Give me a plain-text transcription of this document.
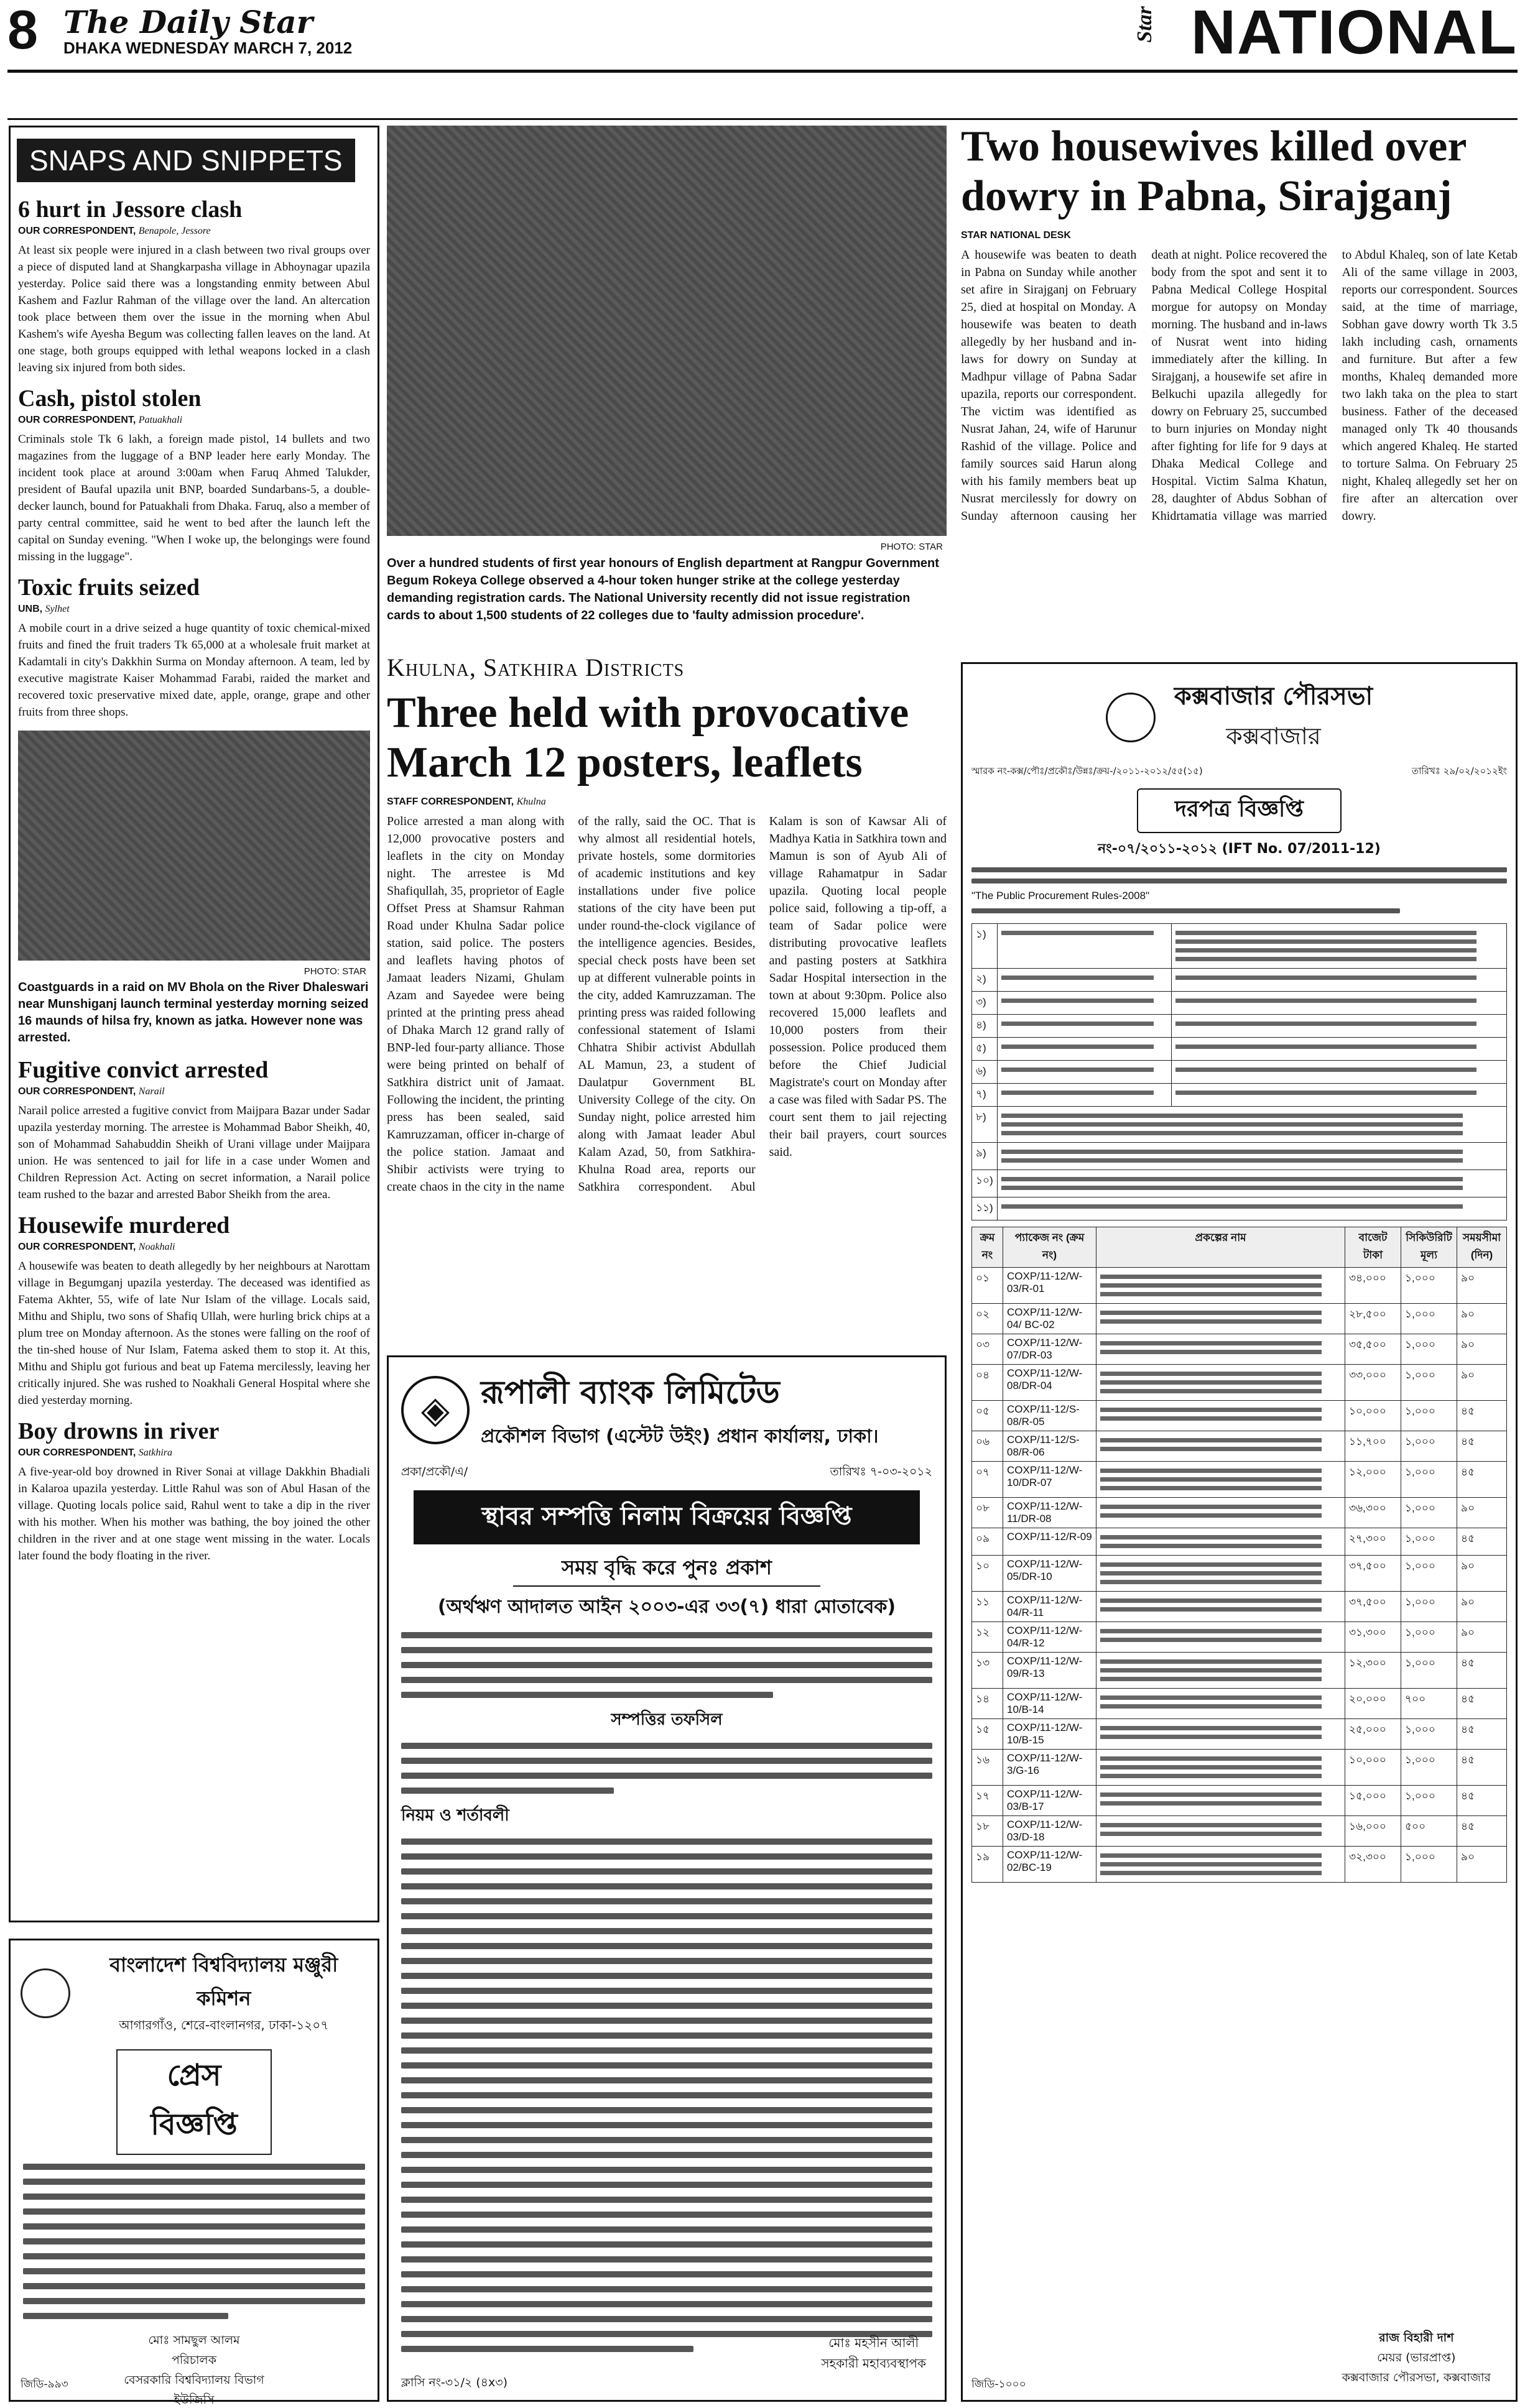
8 The Daily Star
DHAKA WEDNESDAY MARCH 7, 2012
Star NATIONAL
SNAPS AND SNIPPETS
6 hurt in Jessore clash
OUR CORRESPONDENT, Benapole, Jessore
At least six people were injured in a clash between two rival groups over a piece of disputed land at Shangkarpasha village in Abhoynagar upazila yesterday. Police said there was a longstanding enmity between Abul Kashem and Fazlur Rahman of the village over the land. An altercation took place between them over the issue in the morning when Abul Kashem's wife Ayesha Begum was collecting fallen leaves on the land. At one stage, both groups equipped with lethal weapons locked in a clash leaving six injured from both sides.
Cash, pistol stolen
OUR CORRESPONDENT, Patuakhali
Criminals stole Tk 6 lakh, a foreign made pistol, 14 bullets and two magazines from the luggage of a BNP leader here early Monday. The incident took place at around 3:00am when Faruq Ahmed Talukder, president of Baufal upazila unit BNP, boarded Sundarbans-5, a double-decker launch, bound for Patuakhali from Dhaka. Faruq, also a member of party central committee, said he went to bed after the launch left the capital on Sunday evening. "When I woke up, the belongings were found missing in the luggage".
Toxic fruits seized
UNB, Sylhet
A mobile court in a drive seized a huge quantity of toxic chemical-mixed fruits and fined the fruit traders Tk 65,000 at a wholesale fruit market at Kadamtali in city's Dakkhin Surma on Monday afternoon. A team, led by executive magistrate Kaiser Mohammad Farabi, raided the market and recovered toxic preservative mixed date, apple, orange, grape and other fruits from three shops.
PHOTO: STAR
Coastguards in a raid on MV Bhola on the River Dhaleswari near Munshiganj launch terminal yesterday morning seized 16 maunds of hilsa fry, known as jatka. However none was arrested.
Fugitive convict arrested
OUR CORRESPONDENT, Narail
Narail police arrested a fugitive convict from Maijpara Bazar under Sadar upazila yesterday morning. The arrestee is Mohammad Babor Sheikh, 40, son of Mohammad Sahabuddin Sheikh of Urani village under Maijpara union. He was sentenced to jail for life in a case under Women and Children Repression Act. Acting on secret information, a Narail police team rushed to the bazar and arrested Babor Sheikh from the area.
Housewife murdered
OUR CORRESPONDENT, Noakhali
A housewife was beaten to death allegedly by her neighbours at Narottam village in Begumganj upazila yesterday. The deceased was identified as Fatema Akhter, 55, wife of late Nur Islam of the village. Locals said, Mithu and Shiplu, two sons of Shafiq Ullah, were hurling brick chips at a plum tree on Monday afternoon. As the stones were falling on the roof of the tin-shed house of Nur Islam, Fatema asked them to stop it. At this, Mithu and Shiplu got furious and beat up Fatema mercilessly, leaving her critically injured. She was rushed to Noakhali General Hospital where she died yesterday morning.
Boy drowns in river
OUR CORRESPONDENT, Satkhira
A five-year-old boy drowned in River Sonai at village Dakkhin Bhadiali in Kalaroa upazila yesterday. Little Rahul was son of Abul Hasan of the village. Quoting locals police said, Rahul went to take a dip in the river with his mother. When his mother was bathing, the boy joined the other children in the river and at one stage went missing in the water. Locals later found the body floating in the river.
বাংলাদেশ বিশ্ববিদ্যালয় মঞ্জুরী কমিশন
আগারগাঁও, শেরে-বাংলানগর, ঢাকা-১২০৭
প্রেস বিজ্ঞপ্তি
মোঃ সামছুল আলম
পরিচালক
বেসরকারি বিশ্ববিদ্যালয় বিভাগ
ইউজিসি
জিডি-৯৯৩
PHOTO: STAR
Over a hundred students of first year honours of English department at Rangpur Government Begum Rokeya College observed a 4-hour token hunger strike at the college yesterday demanding registration cards. The National University recently did not issue registration cards to about 1,500 students of 22 colleges due to 'faulty admission procedure'.
Two housewives killed over dowry in Pabna, Sirajganj
STAR NATIONAL DESK
A housewife was beaten to death in Pabna on Sunday while another set afire in Sirajganj on February 25, died at hospital on Monday. A housewife was beaten to death allegedly by her husband and in-laws for dowry on Sunday at Madhpur village of Pabna Sadar upazila, reports our correspondent. The victim was identified as Nusrat Jahan, 24, wife of Harunur Rashid of the village. Police and family sources said Harun along with his family members beat up Nusrat mercilessly for dowry on Sunday afternoon causing her death at night. Police recovered the body from the spot and sent it to Pabna Medical College Hospital morgue for autopsy on Monday morning. The husband and in-laws of Nusrat went into hiding immediately after the killing. In Sirajganj, a housewife set afire in Belkuchi upazila allegedly for dowry on February 25, succumbed to burn injuries on Monday night after fighting for life for 9 days at Dhaka Medical College and Hospital. Victim Salma Khatun, 28, daughter of Abdus Sobhan of Khidrtamatia village was married to Abdul Khaleq, son of late Ketab Ali of the same village in 2003, reports our correspondent. Sources said, at the time of marriage, Sobhan gave dowry worth Tk 3.5 lakh including cash, ornaments and furniture. But after a few months, Khaleq demanded more two lakh taka on the plea to start business. Father of the deceased managed only Tk 40 thousands which angered Khaleq. He started to torture Salma. On February 25 night, Khaleq allegedly set her on fire after an altercation over dowry.
Khulna, Satkhira Districts
Three held with provocative March 12 posters, leaflets
STAFF CORRESPONDENT, Khulna
Police arrested a man along with 12,000 provocative posters and leaflets in the city on Monday night. The arrestee is Md Shafiqullah, 35, proprietor of Eagle Offset Press at Shamsur Rahman Road under Khulna Sadar police station, said police. The posters and leaflets having photos of Jamaat leaders Nizami, Ghulam Azam and Sayedee were being printed at the printing press ahead of Dhaka March 12 grand rally of BNP-led four-party alliance. Those were being printed on behalf of Satkhira district unit of Jamaat. Following the incident, the printing press has been sealed, said Kamruzzaman, officer in-charge of the police station. Jamaat and Shibir activists were trying to create chaos in the city in the name of the rally, said the OC. That is why almost all residential hotels, private hostels, some dormitories of academic institutions and key installations under five police stations of the city have been put under round-the-clock vigilance of the intelligence agencies. Besides, special check posts have been set up at different vulnerable points in the city, added Kamruzzaman. The printing press was raided following confessional statement of Islami Chhatra Shibir activist Abdullah AL Mamun, 23, a student of Daulatpur Government BL University College of the city. On Sunday night, police arrested him along with Jamaat leader Abul Kalam Azad, 50, from Satkhira-Khulna Road area, reports our Satkhira correspondent. Abul Kalam is son of Kawsar Ali of Madhya Katia in Satkhira town and Mamun is son of Ayub Ali of village Rahamatpur in Sadar upazila. Quoting local people police said, following a tip-off, a team of Sadar police were distributing provocative leaflets and pasting posters at Satkhira Sadar Hospital intersection in the town at about 9:30pm. Police also recovered 15,000 leaflets and 10,000 posters from their possession. Police produced them before the Chief Judicial Magistrate's court on Monday after a case was filed with Sadar PS. The court sent them to jail rejecting their bail prayers, court sources said.
◈ রূপালী ব্যাংক লিমিটেড
প্রকৌশল বিভাগ (এস্টেট উইং) প্রধান কার্যালয়, ঢাকা।
প্রকা/প্রকৌ/এ/	তারিখঃ ৭-০৩-২০১২
স্থাবর সম্পত্তি নিলাম বিক্রয়ের বিজ্ঞপ্তি
সময় বৃদ্ধি করে পুনঃ প্রকাশ
(অর্থঋণ আদালত আইন ২০০৩-এর ৩৩(৭) ধারা মোতাবেক)
সম্পত্তির তফসিল
নিয়ম ও শর্তাবলী
মোঃ মহসীন আলী
সহকারী মহাব্যবস্থাপক
ক্লাসি নং-৩১/২ (৪x৩)
কক্সবাজার পৌরসভা
কক্সবাজার
স্মারক নং-কক্স/পৌঃ/প্রকৌঃ/উন্নঃ/ক্রয়-/২০১১-২০১২/৫৫(১৫)	তারিখঃ ২৯/০২/২০১২ইং
দরপত্র বিজ্ঞপ্তি
নং-০৭/২০১১-২০১২ (IFT No. 07/2011-12)
"The Public Procurement Rules-2008"
১)	

২)	

৩)	

৪)	

৫)	

৬)	

৭)	

৮)		

৯)		

১০)		

১১)		
ক্রম নং	প্যাকেজ নং (ক্রম নং)	প্রকল্পের নাম	বাজেট টাকা	সিকিউরিটি মূল্য	সময়সীমা (দিন)
০১	COXP/11-12/W-03/R-01		৩৪,০০০	১,০০০	৯০
০২	COXP/11-12/W-04/ BC-02		২৮,৫০০	১,০০০	৯০
০৩	COXP/11-12/W-07/DR-03		৩৫,৫০০	১,০০০	৯০
০৪	COXP/11-12/W-08/DR-04		৩৩,০০০	১,০০০	৯০
০৫	COXP/11-12/S-08/R-05		১০,০০০	১,০০০	৪৫
০৬	COXP/11-12/S-08/R-06		১১,৭০০	১,০০০	৪৫
০৭	COXP/11-12/W-10/DR-07		১২,০০০	১,০০০	৪৫
০৮	COXP/11-12/W-11/DR-08		৩৬,৩০০	১,০০০	৯০
০৯	COXP/11-12/R-09		২৭,৩০০	১,০০০	৪৫
১০	COXP/11-12/W-05/DR-10		৩৭,৫০০	১,০০০	৯০
১১	COXP/11-12/W-04/R-11		৩৭,৫০০	১,০০০	৯০
১২	COXP/11-12/W-04/R-12		৩১,৩০০	১,০০০	৯০
১৩	COXP/11-12/W-09/R-13		১২,৩০০	১,০০০	৪৫
১৪	COXP/11-12/W-10/B-14		২০,০০০	৭০০	৪৫
১৫	COXP/11-12/W-10/B-15		২৫,০০০	১,০০০	৪৫
১৬	COXP/11-12/W-3/G-16		১০,০০০	১,০০০	৪৫
১৭	COXP/11-12/W-03/B-17		১৫,০০০	১,০০০	৪৫
১৮	COXP/11-12/W-03/D-18		১৬,০০০	৫০০	৪৫
১৯	COXP/11-12/W-02/BC-19		৩২,৩০০	১,০০০	৯০
রাজ বিহারী দাশ
মেয়র (ভারপ্রাপ্ত)
কক্সবাজার পৌরসভা, কক্সবাজার
জিডি-১০০০
